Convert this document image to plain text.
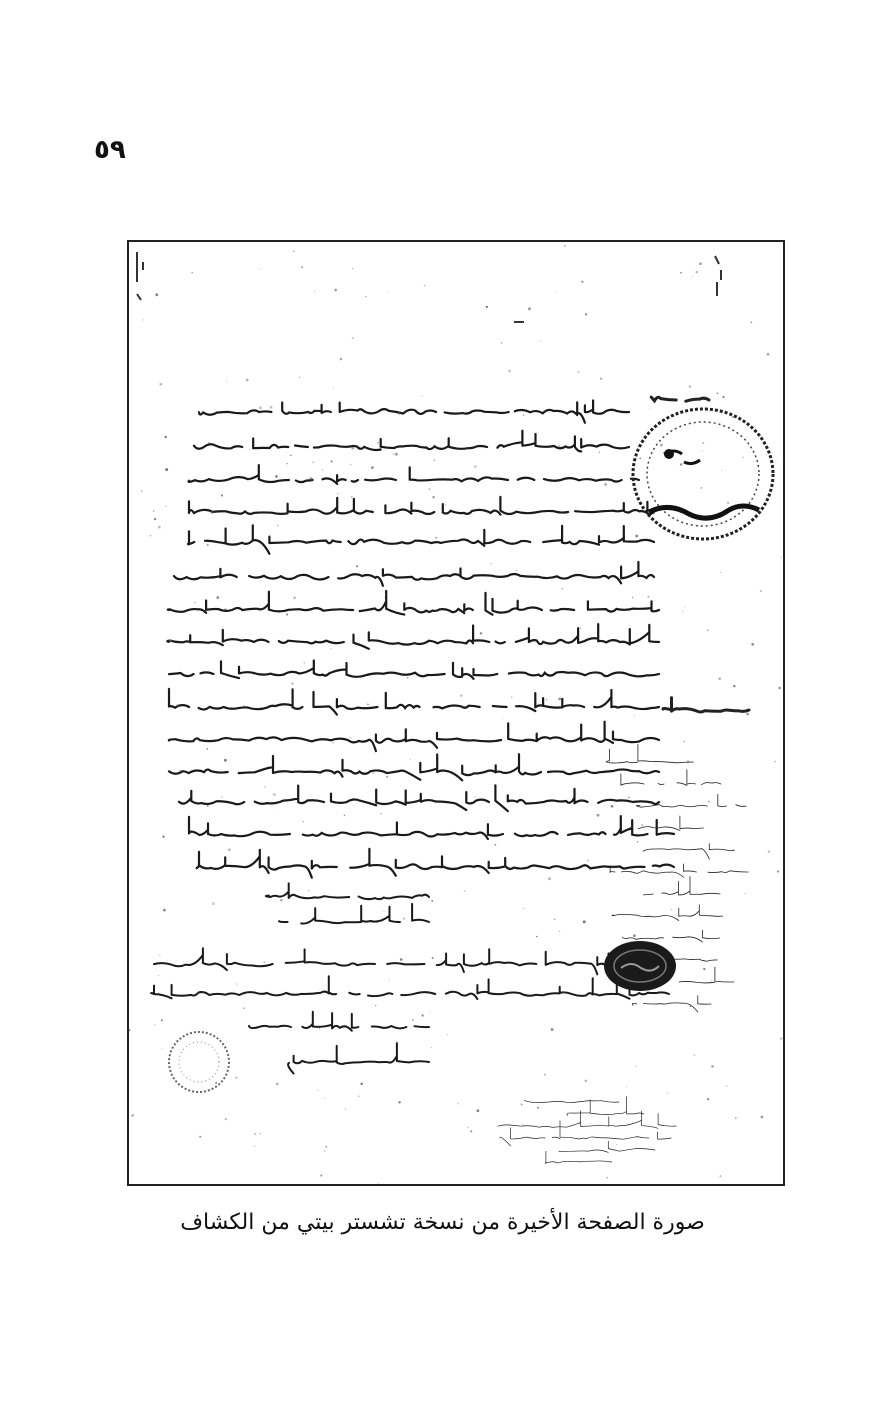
٥٩
صورة الصفحة الأخيرة من نسخة تشستر بيتي من الكشاف
